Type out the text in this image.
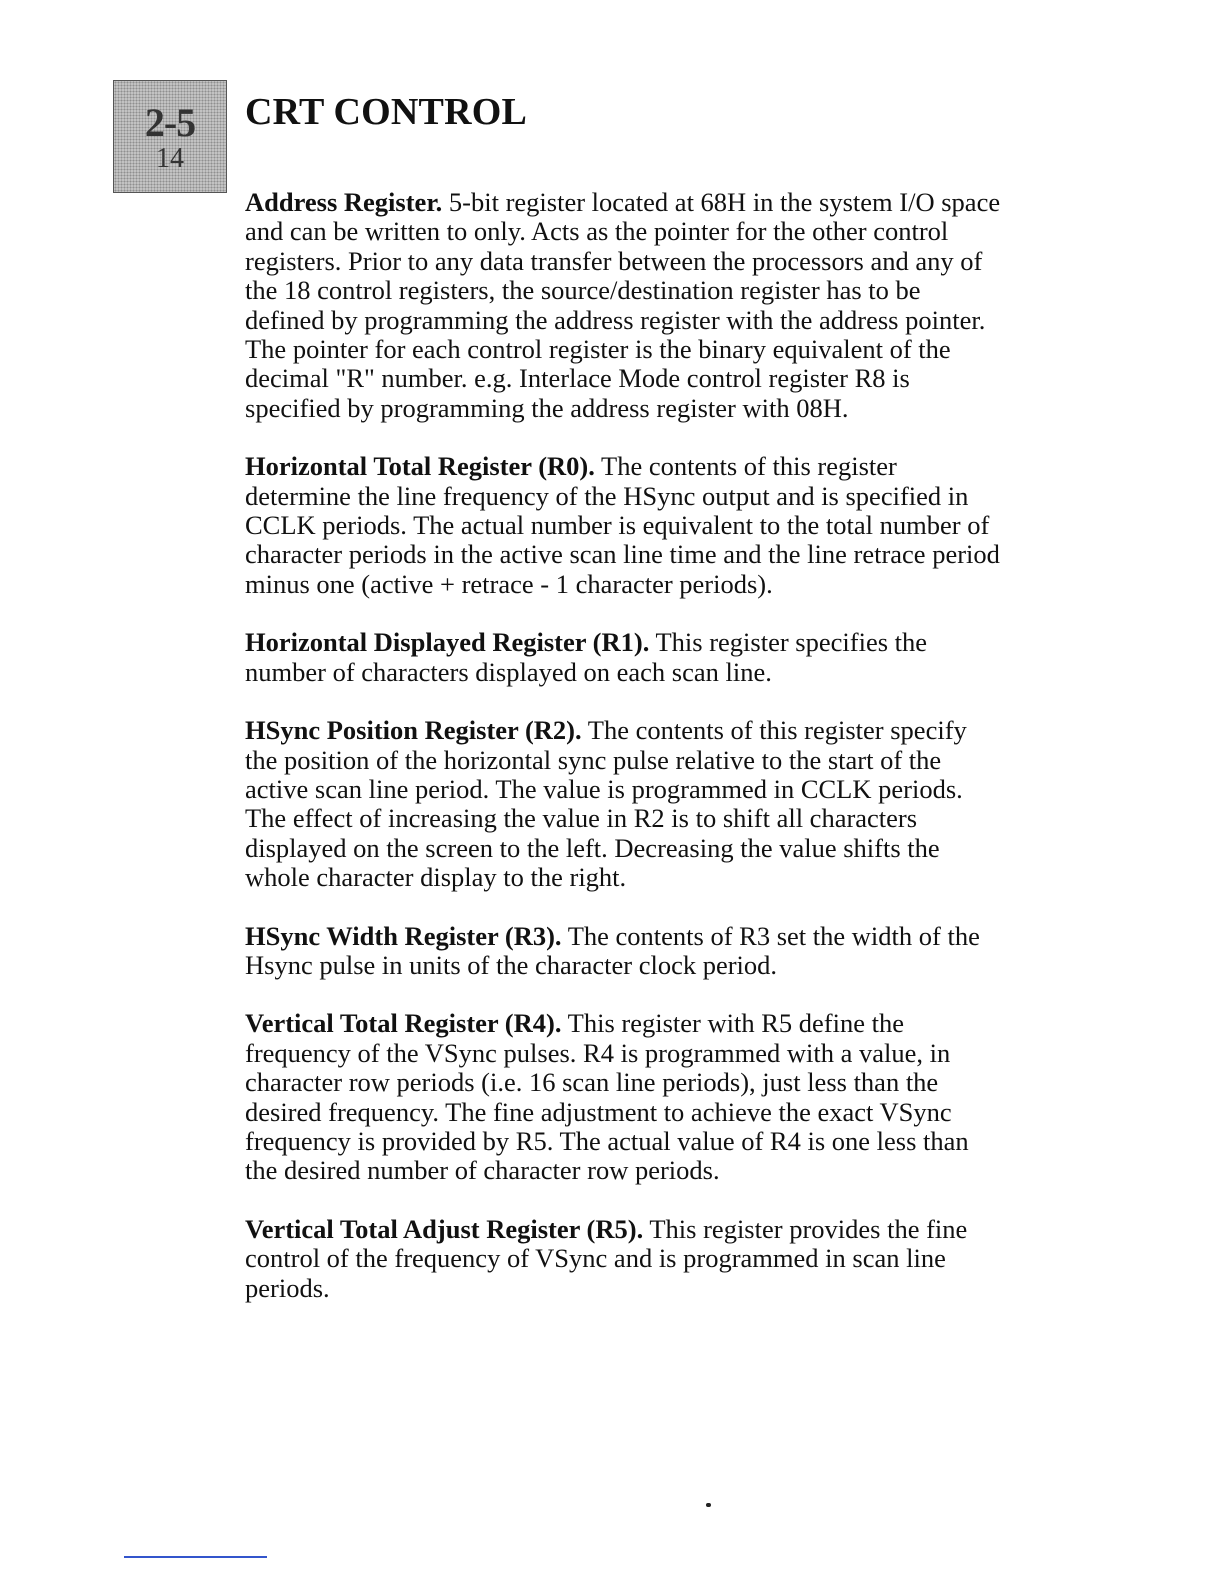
2-5
14
CRT CONTROL

Address Register. 5-bit register located at 68H in the system I/O space and can be written to only. Acts as the pointer for the other control registers. Prior to any data transfer between the processors and any of the 18 control registers, the source/destination register has to be defined by programming the address register with the address pointer. The pointer for each control register is the binary equivalent of the decimal "R" number. e.g. Interlace Mode control register R8 is specified by programming the address register with 08H.

Horizontal Total Register (R0). The contents of this register determine the line frequency of the HSync output and is specified in CCLK periods. The actual number is equivalent to the total number of character periods in the active scan line time and the line retrace period minus one (active + retrace - 1 character periods).

Horizontal Displayed Register (R1). This register specifies the number of characters displayed on each scan line.

HSync Position Register (R2). The contents of this register specify the position of the horizontal sync pulse relative to the start of the active scan line period. The value is programmed in CCLK periods. The effect of increasing the value in R2 is to shift all characters displayed on the screen to the left. Decreasing the value shifts the whole character display to the right.

HSync Width Register (R3). The contents of R3 set the width of the Hsync pulse in units of the character clock period.

Vertical Total Register (R4). This register with R5 define the frequency of the VSync pulses. R4 is programmed with a value, in character row periods (i.e. 16 scan line periods), just less than the desired frequency. The fine adjustment to achieve the exact VSync frequency is provided by R5. The actual value of R4 is one less than the desired number of character row periods.

Vertical Total Adjust Register (R5). This register provides the fine control of the frequency of VSync and is programmed in scan line periods.
